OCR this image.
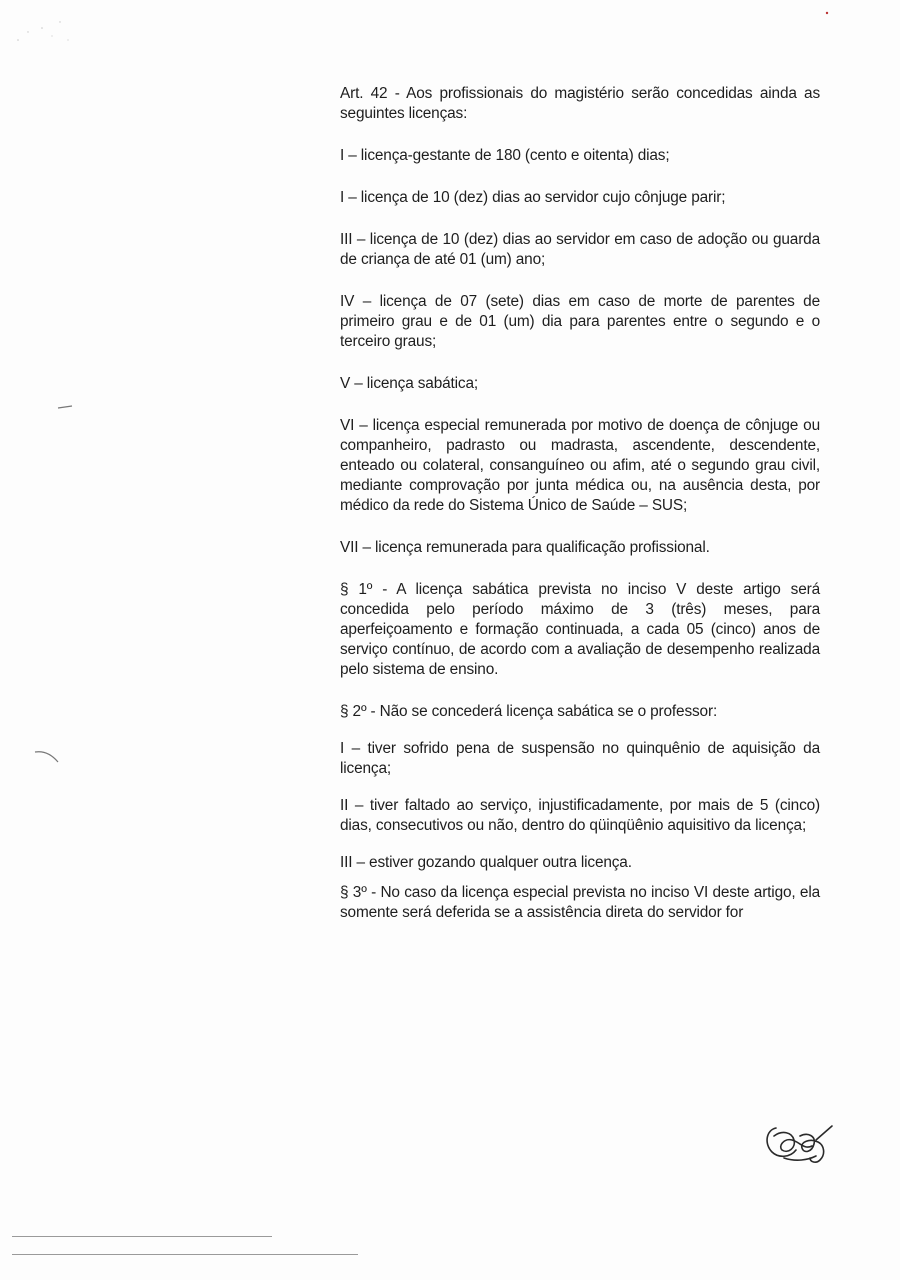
Art. 42 - Aos profissionais do magistério serão concedidas ainda as seguintes licenças:

I – licença-gestante de 180 (cento e oitenta) dias;

I – licença de 10 (dez) dias ao servidor cujo cônjuge parir;

III – licença de 10 (dez) dias ao servidor em caso de adoção ou guarda de criança de até 01 (um) ano;

IV – licença de 07 (sete) dias em caso de morte de parentes de primeiro grau e de 01 (um) dia para parentes entre o segundo e o terceiro graus;

V – licença sabática;

VI – licença especial remunerada por motivo de doença de cônjuge ou companheiro, padrasto ou madrasta, ascendente, descendente, enteado ou colateral, consanguíneo ou afim, até o segundo grau civil, mediante comprovação por junta médica ou, na ausência desta, por médico da rede do Sistema Único de Saúde – SUS;

VII – licença remunerada para qualificação profissional.

§ 1º - A licença sabática prevista no inciso V deste artigo será concedida pelo período máximo de 3 (três) meses, para aperfeiçoamento e formação continuada, a cada 05 (cinco) anos de serviço contínuo, de acordo com a avaliação de desempenho realizada pelo sistema de ensino.

§ 2º - Não se concederá licença sabática se o professor:

I – tiver sofrido pena de suspensão no quinquênio de aquisição da licença;

II – tiver faltado ao serviço, injustificadamente, por mais de 5 (cinco) dias, consecutivos ou não, dentro do qüinqüênio aquisitivo da licença;

III – estiver gozando qualquer outra licença.

§ 3º - No caso da licença especial prevista no inciso VI deste artigo, ela somente será deferida se a assistência direta do servidor for
